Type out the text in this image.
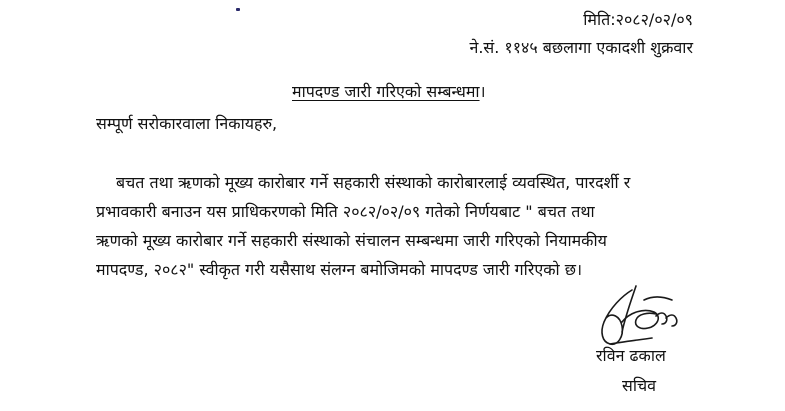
मिति:२०८२/०२/०९
ने.सं. ११४५ बछलागा एकादशी शुक्रवार
मापदण्ड जारी गरिएको सम्बन्धमा।
सम्पूर्ण सरोकारवाला निकायहरु,
बचत तथा ऋणको मूख्य कारोबार गर्ने सहकारी संस्थाको कारोबारलाई व्यवस्थित, पारदर्शी र
प्रभावकारी बनाउन यस प्राधिकरणको मिति २०८२/०२/०९ गतेको निर्णयबाट " बचत तथा
ऋणको मूख्य कारोबार गर्ने सहकारी संस्थाको संचालन सम्बन्धमा जारी गरिएको नियामकीय
मापदण्ड, २०८२" स्वीकृत गरी यसैसाथ संलग्न बमोजिमको मापदण्ड जारी गरिएको छ।
रविन ढकाल
सचिव
